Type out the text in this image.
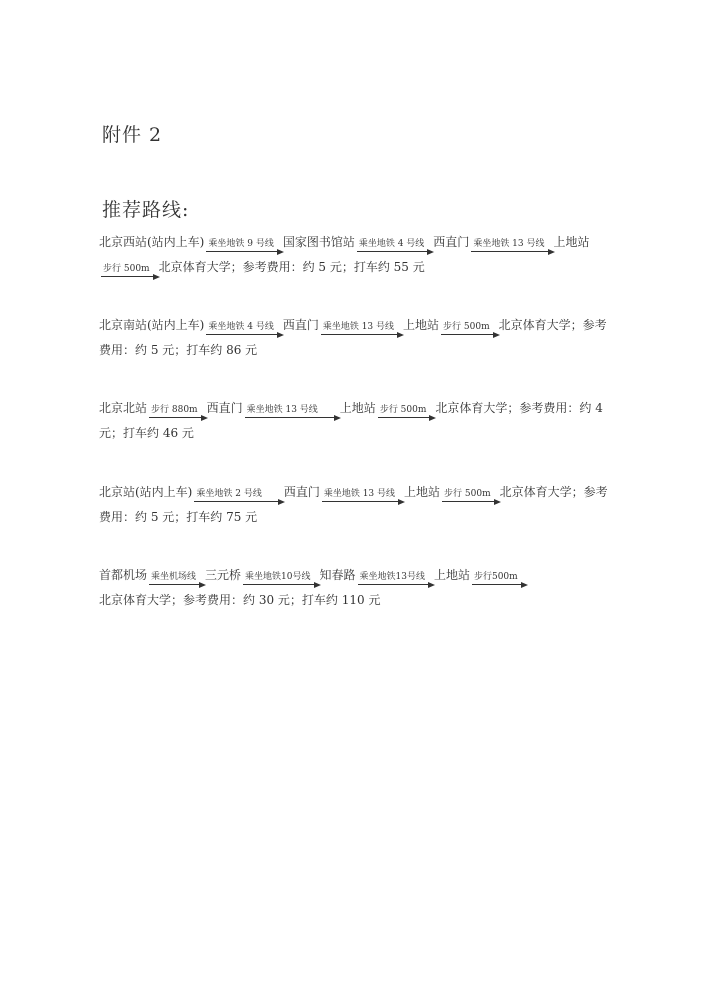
附件 2
推荐路线:
北京西站(站内上车) 乘坐地铁 9 号线 国家图书馆站 乘坐地铁 4 号线 西直门 乘坐地铁 13 号线 上地站步行 500m 北京体育大学；参考费用：约 5 元；打车约 55 元
北京南站(站内上车) 乘坐地铁 4 号线 西直门 乘坐地铁 13 号线 上地站 步行 500m 北京体育大学；参考费用：约 5 元；打车约 86 元
北京北站 步行 880m 西直门 乘坐地铁 13 号线 上地站 步行 500m 北京体育大学；参考费用：约 4 元；打车约 46 元
北京站(站内上车) 乘坐地铁 2 号线 西直门 乘坐地铁 13 号线 上地站 步行 500m 北京体育大学；参考费用：约 5 元；打车约 75 元
首都机场 乘坐机场线 三元桥 乘坐地铁10号线 知春路 乘坐地铁13号线 上地站 步行500m
北京体育大学；参考费用：约 30 元；打车约 110 元
